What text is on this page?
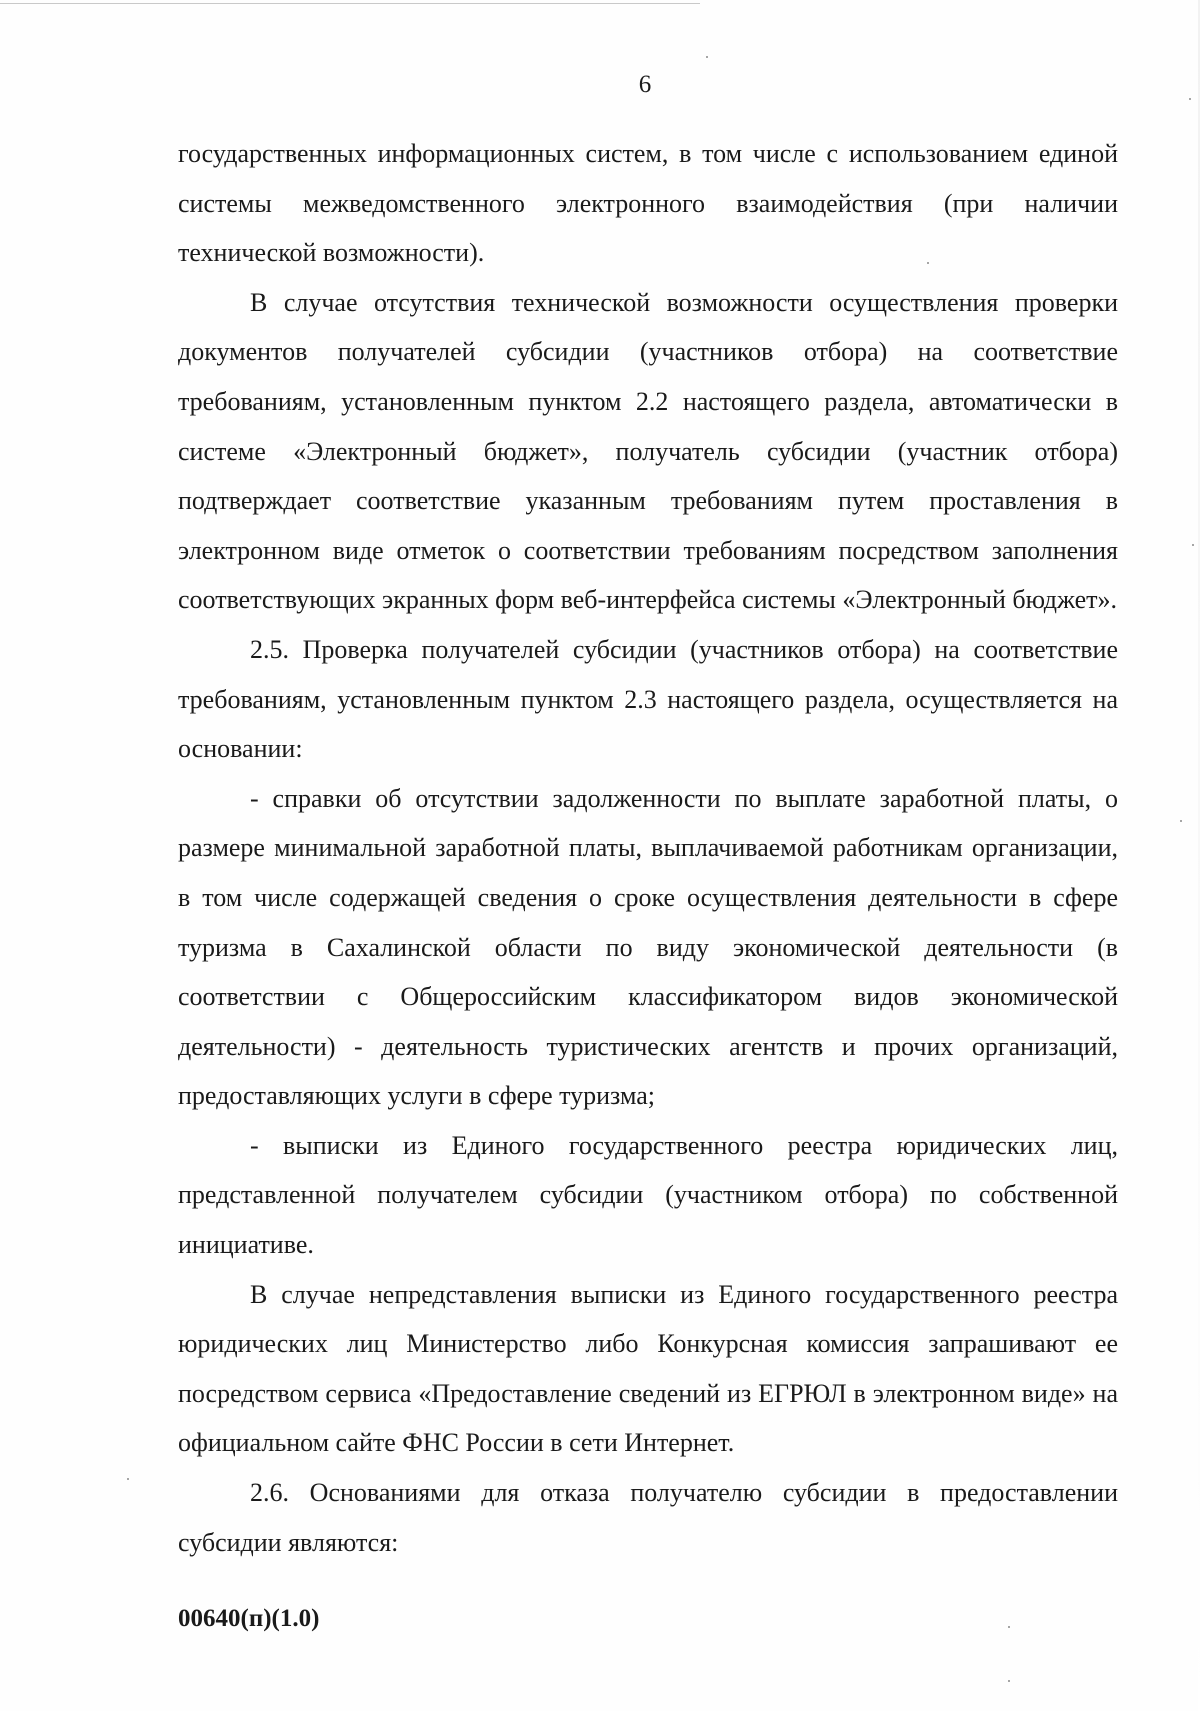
6

государственных информационных систем, в том числе с использованием единой системы межведомственного электронного взаимодействия (при наличии технической возможности).

В случае отсутствия технической возможности осуществления проверки документов получателей субсидии (участников отбора) на соответствие требованиям, установленным пунктом 2.2 настоящего раздела, автоматически в системе «Электронный бюджет», получатель субсидии (участник отбора) подтверждает соответствие указанным требованиям путем проставления в электронном виде отметок о соответствии требованиям посредством заполнения соответствующих экранных форм веб-интерфейса системы «Электронный бюджет».

2.5. Проверка получателей субсидии (участников отбора) на соответствие требованиям, установленным пунктом 2.3 настоящего раздела, осуществляется на основании:

- справки об отсутствии задолженности по выплате заработной платы, о размере минимальной заработной платы, выплачиваемой работникам организации, в том числе содержащей сведения о сроке осуществления деятельности в сфере туризма в Сахалинской области по виду экономической деятельности (в соответствии с Общероссийским классификатором видов экономической деятельности) - деятельность туристических агентств и прочих организаций, предоставляющих услуги в сфере туризма;

- выписки из Единого государственного реестра юридических лиц, представленной получателем субсидии (участником отбора) по собственной инициативе.

В случае непредставления выписки из Единого государственного реестра юридических лиц Министерство либо Конкурсная комиссия запрашивают ее посредством сервиса «Предоставление сведений из ЕГРЮЛ в электронном виде» на официальном сайте ФНС России в сети Интернет.

2.6. Основаниями для отказа получателю субсидии в предоставлении субсидии являются:

00640(п)(1.0)
